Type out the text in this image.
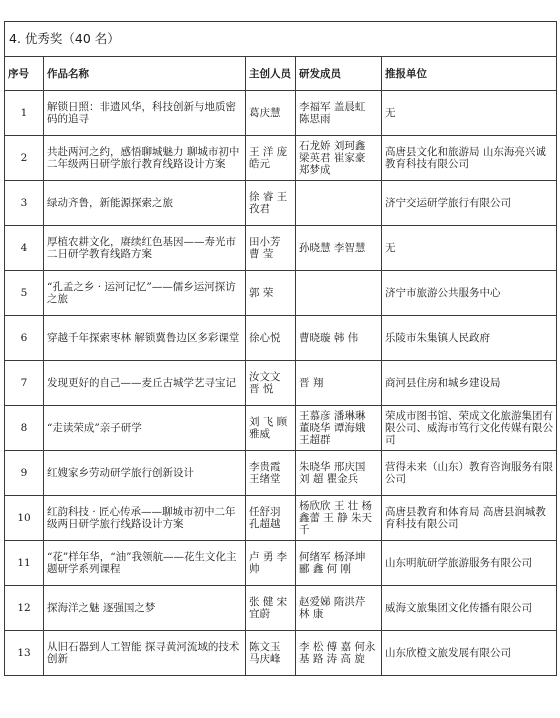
4. 优秀奖（40 名）				
序号	作品名称	主创人员	研发成员	推报单位
1	解锁日照：非遗风华，科技创新与地质密码的追寻	葛庆慧	李福军 盖晨虹 陈思雨	无
2	共赴两河之约，感悟聊城魅力 聊城市初中二年级两日研学旅行教育线路设计方案	王 洋 庞皓元	石龙娇 刘珂鑫 梁英君 崔家豪 郑梦成	高唐县文化和旅游局 山东海亮兴诚教育科技有限公司
3	绿动齐鲁，新能源探索之旅	徐 睿 王孜君		济宁交运研学旅行有限公司
4	厚植农耕文化，赓续红色基因——寿光市二日研学教育线路方案	田小芳 曹 莹	孙晓慧 李智慧	无
5	“孔孟之乡 · 运河记忆”——儒乡运河探访之旅	郭 荣		济宁市旅游公共服务中心
6	穿越千年探索枣林 解锁冀鲁边区多彩课堂	徐心悦	曹晓璇 韩 伟	乐陵市朱集镇人民政府
7	发现更好的自己——麦丘古城学艺寻宝记	汝文文 晋 悦	晋 翔	商河县住房和城乡建设局
8	“走读荣成”亲子研学	刘 飞 顾雅威	王慕彦 潘琳琳 董晓华 谭海娥 王超群	荣成市图书馆、荣成文化旅游集团有限公司、威海市笃行文化传媒有限公司
9	红嫂家乡劳动研学旅行创新设计	李贵霞 王绪堂	朱晓华 邢庆国 刘 超 瞿金兵	营得未来（山东）教育咨询服务有限公司
10	红韵科技 · 匠心传承——聊城市初中二年级两日研学旅行线路设计方案	任舒羽 孔超越	杨欣欣 王 壮 杨鑫蕾 王 静 朱天千	高唐县教育和体育局 高唐县润城教育科技有限公司
11	“花”样年华，“油”我领航——花生文化主题研学系列课程	卢 勇 李 帅	何绪军 杨泽坤 郦 鑫 何 刚	山东明航研学旅游服务有限公司
12	探海洋之魅 逐强国之梦	张 健 宋宜蔚	赵爱娣 隋洪芹 林 康	威海文旅集团文化传播有限公司
13	从旧石器到人工智能 探寻黄河流域的技术创新	陈文玉 马庆峰	李 松 傅 嘉 何永基 路 涛 高 旋	山东欣橙文旅发展有限公司
